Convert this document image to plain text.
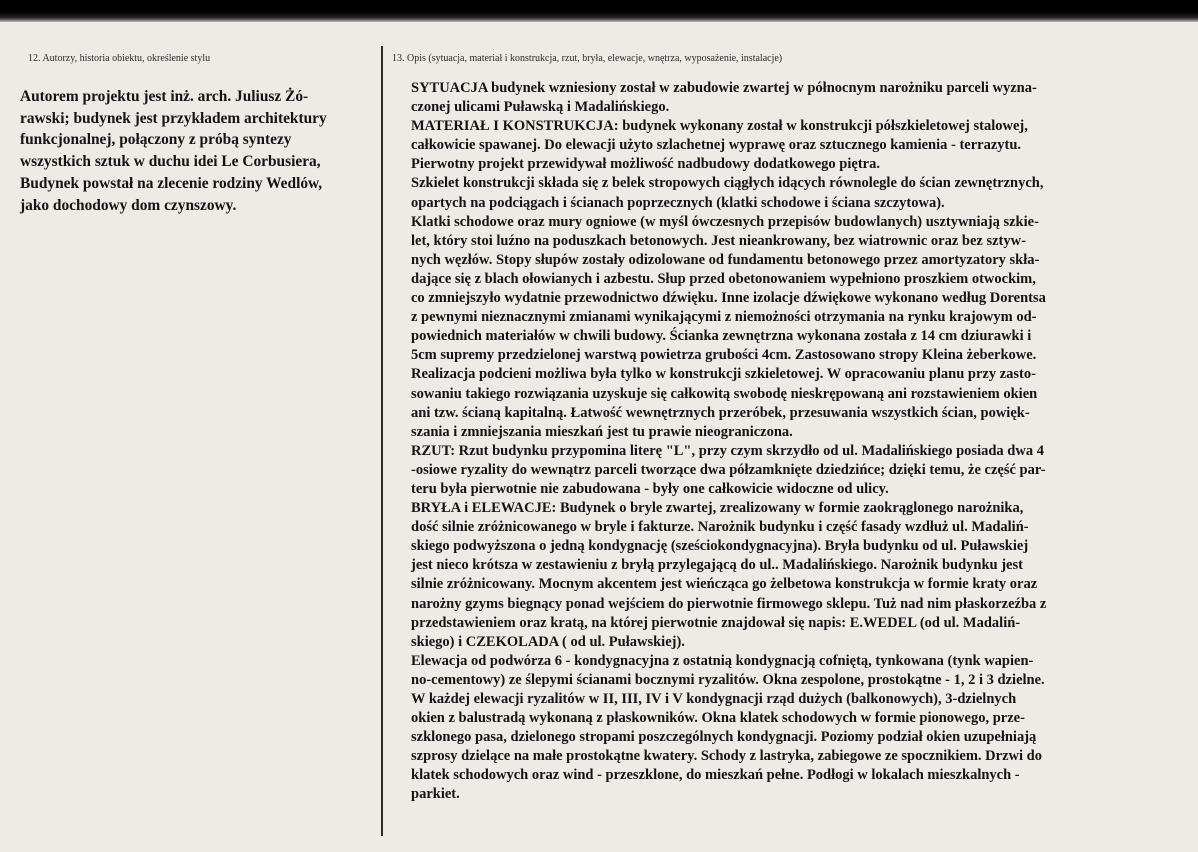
12. Autorzy, historia obiektu, określenie stylu
Autorem projektu jest inż. arch. Juliusz Żó-
rawski; budynek jest przykładem architektury
funkcjonalnej, połączony z próbą syntezy
wszystkich sztuk w duchu idei Le Corbusiera,
Budynek powstał na zlecenie rodziny Wedlów,
jako dochodowy dom czynszowy.
13. Opis (sytuacja, materiał i konstrukcja, rzut, bryła, elewacje, wnętrza, wyposażenie, instalacje)
SYTUACJA budynek wzniesiony został w zabudowie zwartej w północnym narożniku parceli wyzna-
czonej ulicami Puławską i Madalińskiego.
MATERIAŁ I KONSTRUKCJA: budynek wykonany został w konstrukcji półszkieletowej stalowej,
całkowicie spawanej. Do elewacji użyto szlachetnej wyprawę oraz sztucznego kamienia - terrazytu.
Pierwotny projekt przewidywał możliwość nadbudowy dodatkowego piętra.
Szkielet konstrukcji składa się z belek stropowych ciągłych idących równolegle do ścian zewnętrznych,
opartych na podciągach i ścianach poprzecznych (klatki schodowe i ściana szczytowa).
Klatki schodowe oraz mury ogniowe (w myśl ówczesnych przepisów budowlanych) usztywniają szkie-
let, który stoi luźno na poduszkach betonowych. Jest nieankrowany, bez wiatrownic oraz bez sztyw-
nych węzłów. Stopy słupów zostały odizolowane od fundamentu betonowego przez amortyzatory skła-
dające się z blach ołowianych i azbestu. Słup przed obetonowaniem wypełniono proszkiem otwockim,
co zmniejszyło wydatnie przewodnictwo dźwięku. Inne izolacje dźwiękowe wykonano według Dorentsa
z pewnymi nieznacznymi zmianami wynikającymi z niemożności otrzymania na rynku krajowym od-
powiednich materiałów w chwili budowy. Ścianka zewnętrzna wykonana została z 14 cm dziurawki i
5cm supremy przedzielonej warstwą powietrza grubości 4cm. Zastosowano stropy Kleina żeberkowe.
Realizacja podcieni możliwa była tylko w konstrukcji szkieletowej. W opracowaniu planu przy zasto-
sowaniu takiego rozwiązania uzyskuje się całkowitą swobodę nieskrępowaną ani rozstawieniem okien
ani tzw. ścianą kapitalną. Łatwość wewnętrznych przeróbek, przesuwania wszystkich ścian, powięk-
szania i zmniejszania mieszkań jest tu prawie nieograniczona.
RZUT: Rzut budynku przypomina literę "L", przy czym skrzydło od ul. Madalińskiego posiada dwa 4
-osiowe ryzality do wewnątrz parceli tworzące dwa półzamknięte dziedzińce; dzięki temu, że część par-
teru była pierwotnie nie zabudowana - były one całkowicie widoczne od ulicy.
BRYŁA i ELEWACJE: Budynek o bryle zwartej, zrealizowany w formie zaokrąglonego narożnika,
dość silnie zróżnicowanego w bryle i fakturze. Narożnik budynku i część fasady wzdłuż ul. Madaliń-
skiego podwyższona o jedną kondygnację (sześciokondygnacyjna). Bryła budynku od ul. Puławskiej
jest nieco krótsza w zestawieniu z bryłą przylegającą do ul.. Madalińskiego. Narożnik budynku jest
silnie zróżnicowany. Mocnym akcentem jest wieńcząca go żelbetowa konstrukcja w formie kraty oraz
narożny gzyms biegnący ponad wejściem do pierwotnie firmowego sklepu. Tuż nad nim płaskorzeźba z
przedstawieniem oraz kratą, na której pierwotnie znajdował się napis: E.WEDEL (od ul. Madaliń-
skiego) i CZEKOLADA ( od ul. Puławskiej).
Elewacja od podwórza 6 - kondygnacyjna z ostatnią kondygnacją cofniętą, tynkowana (tynk wapien-
no-cementowy) ze ślepymi ścianami bocznymi ryzalitów. Okna zespolone, prostokątne - 1, 2 i 3 dzielne.
W każdej elewacji ryzalitów w II, III, IV i V kondygnacji rząd dużych (balkonowych), 3-dzielnych
okien z balustradą wykonaną z płaskowników. Okna klatek schodowych w formie pionowego, prze-
szklonego pasa, dzielonego stropami poszczególnych kondygnacji. Poziomy podział okien uzupełniają
szprosy dzielące na małe prostokątne kwatery. Schody z lastryka, zabiegowe ze spocznikiem. Drzwi do
klatek schodowych oraz wind - przeszklone, do mieszkań pełne. Podłogi w lokalach mieszkalnych -
parkiet.
